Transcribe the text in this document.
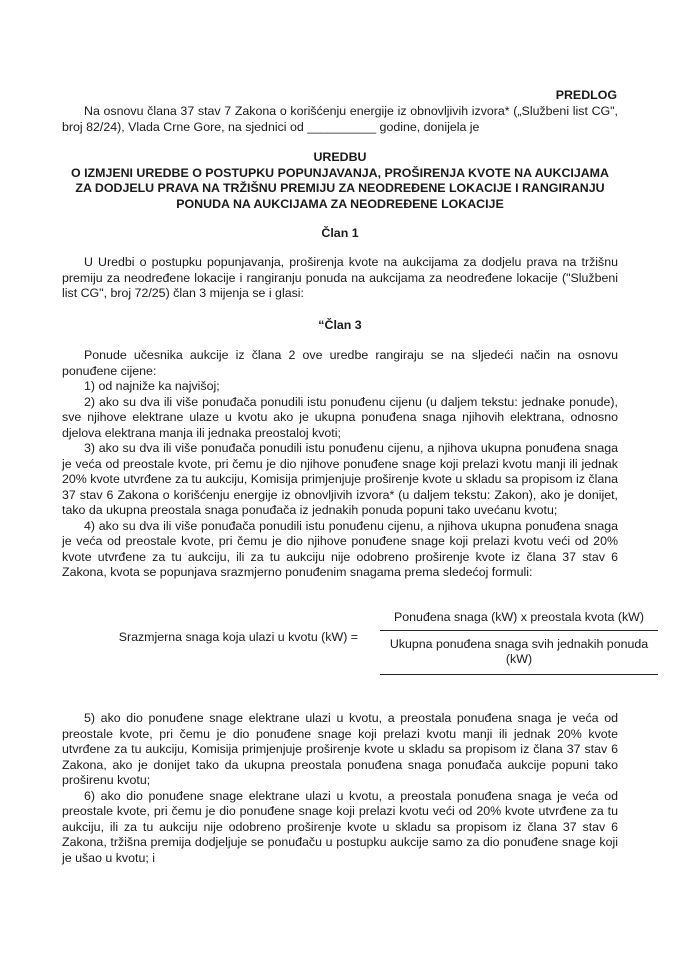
PREDLOG

Na osnovu člana 37 stav 7 Zakona o korišćenju energije iz obnovljivih izvora* („Službeni list CG", broj 82/24), Vlada Crne Gore, na sjednici od __________ godine, donijela je

UREDBU

O IZMJENI UREDBE O POSTUPKU POPUNJAVANJA, PROŠIRENJA KVOTE NA AUKCIJAMA ZA DODJELU PRAVA NA TRŽIŠNU PREMIJU ZA NEODREĐENE LOKACIJE I RANGIRANJU PONUDA NA AUKCIJAMA ZA NEODREĐENE LOKACIJE

Član 1

U Uredbi o postupku popunjavanja, proširenja kvote na aukcijama za dodjelu prava na tržišnu premiju za neodređene lokacije i rangiranju ponuda na aukcijama za neodređene lokacije ("Službeni list CG", broj 72/25) član 3 mijenja se i glasi:

“Član 3

Ponude učesnika aukcije iz člana 2 ove uredbe rangiraju se na sljedeći način na osnovu ponuđene cijene:

1) od najniže ka najvišoj;

2) ako su dva ili više ponuđača ponudili istu ponuđenu cijenu (u daljem tekstu: jednake ponude), sve njihove elektrane ulaze u kvotu ako je ukupna ponuđena snaga njihovih elektrana, odnosno djelova elektrana manja ili jednaka preostaloj kvoti;

3) ako su dva ili više ponuđača ponudili istu ponuđenu cijenu, a njihova ukupna ponuđena snaga je veća od preostale kvote, pri čemu je dio njihove ponuđene snage koji prelazi kvotu manji ili jednak 20% kvote utvrđene za tu aukciju, Komisija primjenjuje proširenje kvote u skladu sa propisom iz člana 37 stav 6 Zakona o korišćenju energije iz obnovljivih izvora* (u daljem tekstu: Zakon), ako je donijet, tako da ukupna preostala snaga ponuđača iz jednakih ponuda popuni tako uvećanu kvotu;

4) ako su dva ili više ponuđača ponudili istu ponuđenu cijenu, a njihova ukupna ponuđena snaga je veća od preostale kvote, pri čemu je dio njihove ponuđene snage koji prelazi kvotu veći od 20% kvote utvrđene za tu aukciju, ili za tu aukciju nije odobreno proširenje kvote iz člana 37 stav 6 Zakona, kvota se popunjava srazmjerno ponuđenim snagama prema sledećoj formuli:

Srazmjerna snaga koja ulazi u kvotu (kW) =
Ponuđena snaga (kW) x preostala kvota (kW)
Ukupna ponuđena snaga svih jednakih ponuda (kW)

5) ako dio ponuđene snage elektrane ulazi u kvotu, a preostala ponuđena snaga je veća od preostale kvote, pri čemu je dio ponuđene snage koji prelazi kvotu manji ili jednak 20% kvote utvrđene za tu aukciju, Komisija primjenjuje proširenje kvote u skladu sa propisom iz člana 37 stav 6 Zakona, ako je donijet tako da ukupna preostala ponuđena snaga ponuđača aukcije popuni tako proširenu kvotu;

6) ako dio ponuđene snage elektrane ulazi u kvotu, a preostala ponuđena snaga je veća od preostale kvote, pri čemu je dio ponuđene snage koji prelazi kvotu veći od 20% kvote utvrđene za tu aukciju, ili za tu aukciju nije odobreno proširenje kvote u skladu sa propisom iz člana 37 stav 6 Zakona, tržišna premija dodjeljuje se ponuđaču u postupku aukcije samo za dio ponuđene snage koji je ušao u kvotu; i
